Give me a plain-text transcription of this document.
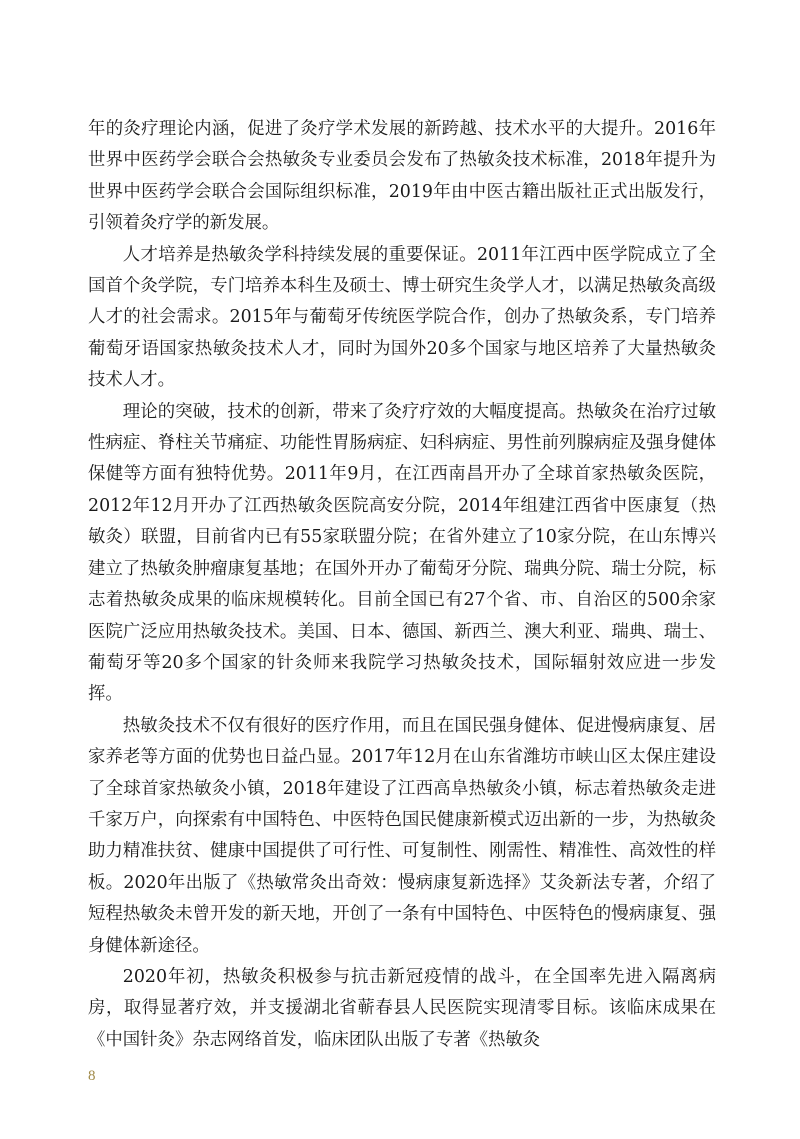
年的灸疗理论内涵，促进了灸疗学术发展的新跨越、技术水平的大提升。2016年世界中医药学会联合会热敏灸专业委员会发布了热敏灸技术标准，2018年提升为世界中医药学会联合会国际组织标准，2019年由中医古籍出版社正式出版发行，引领着灸疗学的新发展。

人才培养是热敏灸学科持续发展的重要保证。2011年江西中医学院成立了全国首个灸学院，专门培养本科生及硕士、博士研究生灸学人才，以满足热敏灸高级人才的社会需求。2015年与葡萄牙传统医学院合作，创办了热敏灸系，专门培养葡萄牙语国家热敏灸技术人才，同时为国外20多个国家与地区培养了大量热敏灸技术人才。

理论的突破，技术的创新，带来了灸疗疗效的大幅度提高。热敏灸在治疗过敏性病症、脊柱关节痛症、功能性胃肠病症、妇科病症、男性前列腺病症及强身健体保健等方面有独特优势。2011年9月，在江西南昌开办了全球首家热敏灸医院，2012年12月开办了江西热敏灸医院高安分院，2014年组建江西省中医康复（热敏灸）联盟，目前省内已有55家联盟分院；在省外建立了10家分院，在山东博兴建立了热敏灸肿瘤康复基地；在国外开办了葡萄牙分院、瑞典分院、瑞士分院，标志着热敏灸成果的临床规模转化。目前全国已有27个省、市、自治区的500余家医院广泛应用热敏灸技术。美国、日本、德国、新西兰、澳大利亚、瑞典、瑞士、葡萄牙等20多个国家的针灸师来我院学习热敏灸技术，国际辐射效应进一步发挥。

热敏灸技术不仅有很好的医疗作用，而且在国民强身健体、促进慢病康复、居家养老等方面的优势也日益凸显。2017年12月在山东省潍坊市峡山区太保庄建设了全球首家热敏灸小镇，2018年建设了江西高阜热敏灸小镇，标志着热敏灸走进千家万户，向探索有中国特色、中医特色国民健康新模式迈出新的一步，为热敏灸助力精准扶贫、健康中国提供了可行性、可复制性、刚需性、精准性、高效性的样板。2020年出版了《热敏常灸出奇效：慢病康复新选择》艾灸新法专著，介绍了短程热敏灸未曾开发的新天地，开创了一条有中国特色、中医特色的慢病康复、强身健体新途径。

2020年初，热敏灸积极参与抗击新冠疫情的战斗，在全国率先进入隔离病房，取得显著疗效，并支援湖北省蕲春县人民医院实现清零目标。该临床成果在《中国针灸》杂志网络首发，临床团队出版了专著《热敏灸

8
